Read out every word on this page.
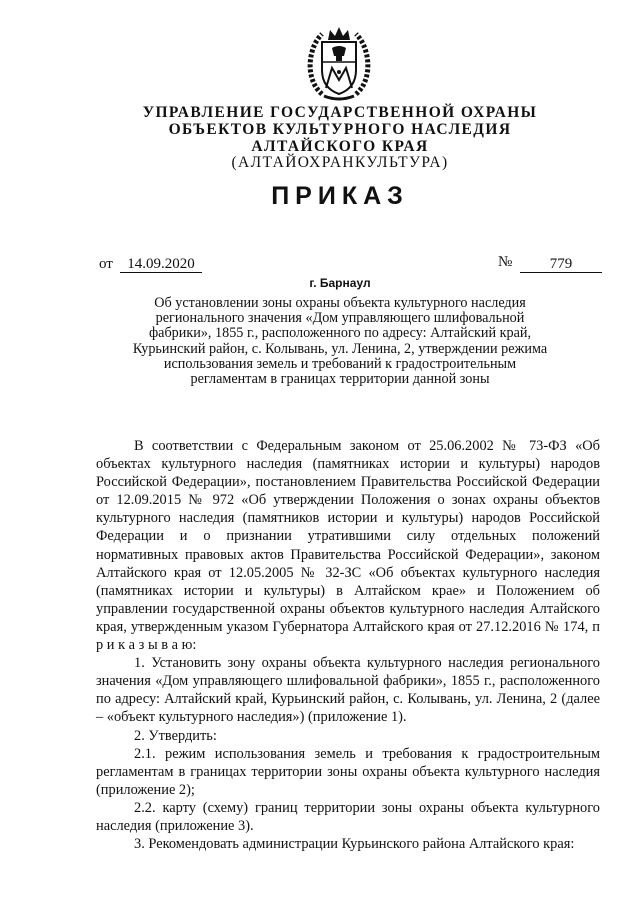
УПРАВЛЕНИЕ ГОСУДАРСТВЕННОЙ ОХРАНЫ
ОБЪЕКТОВ КУЛЬТУРНОГО НАСЛЕДИЯ
АЛТАЙСКОГО КРАЯ
(АЛТАЙОХРАНКУЛЬТУРА)
ПРИКАЗ
от 14.09.2020	№	779
г. Барнаул
Об установлении зоны охраны объекта культурного наследия регионального значения «Дом управляющего шлифовальной фабрики», 1855 г., расположенного по адресу: Алтайский край, Курьинский район, с. Колывань, ул. Ленина, 2, утверждении режима использования земель и требований к градостроительным регламентам в границах территории данной зоны

В соответствии с Федеральным законом от 25.06.2002 № 73-ФЗ «Об объектах культурного наследия (памятниках истории и культуры) народов Российской Федерации», постановлением Правительства Российской Федерации от 12.09.2015 № 972 «Об утверждении Положения о зонах охраны объектов культурного наследия (памятников истории и культуры) народов Российской Федерации и о признании утратившими силу отдельных положений нормативных правовых актов Правительства Российской Федерации», законом Алтайского края от 12.05.2005 № 32-ЗС «Об объектах культурного наследия (памятниках истории и культуры) в Алтайском крае» и Положением об управлении государственной охраны объектов культурного наследия Алтайского края, утвержденным указом Губернатора Алтайского края от 27.12.2016 № 174, п р и к а з ы в а ю:

1. Установить зону охраны объекта культурного наследия регионального значения «Дом управляющего шлифовальной фабрики», 1855 г., расположенного по адресу: Алтайский край, Курьинский район, с. Колывань, ул. Ленина, 2 (далее – «объект культурного наследия») (приложение 1).

2. Утвердить:

2.1. режим использования земель и требования к градостроительным регламентам в границах территории зоны охраны объекта культурного наследия (приложение 2);

2.2. карту (схему) границ территории зоны охраны объекта культурного наследия (приложение 3).

3. Рекомендовать администрации Курьинского района Алтайского края:
